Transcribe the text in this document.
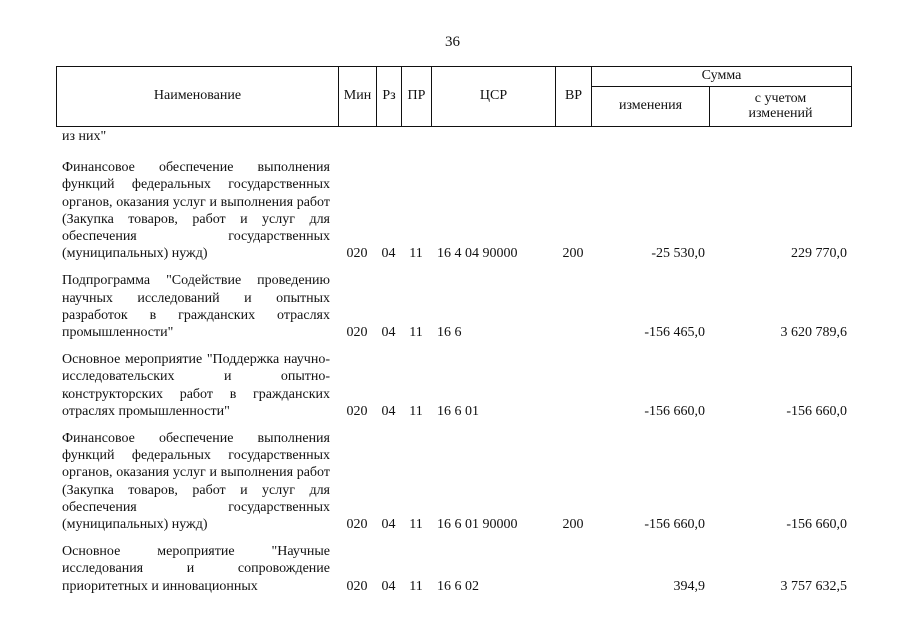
36
Наименование	Мин	Рз	ПР	ЦСР	ВР	Сумма	
						изменения	с учетом изменений
из них"							

Финансовое обеспечение выполнения функций федеральных государственных органов, оказания услуг и выполнения работ (Закупка товаров, работ и услуг для обеспечения государственных (муниципальных) нужд)	020	04	11	16 4 04 90000	200	-25 530,0	229 770,0

Подпрограмма "Содействие проведению научных исследований и опытных разработок в гражданских отраслях промышленности"	020	04	11	16 6		-156 465,0	3 620 789,6

Основное мероприятие "Поддержка научно-исследовательских и опытно-конструкторских работ в гражданских отраслях промышленности"	020	04	11	16 6 01		-156 660,0	-156 660,0

Финансовое обеспечение выполнения функций федеральных государственных органов, оказания услуг и выполнения работ (Закупка товаров, работ и услуг для обеспечения государственных (муниципальных) нужд)	020	04	11	16 6 01 90000	200	-156 660,0	-156 660,0

Основное мероприятие "Научные исследования и сопровождение приоритетных и инновационных	020	04	11	16 6 02		394,9	3 757 632,5
